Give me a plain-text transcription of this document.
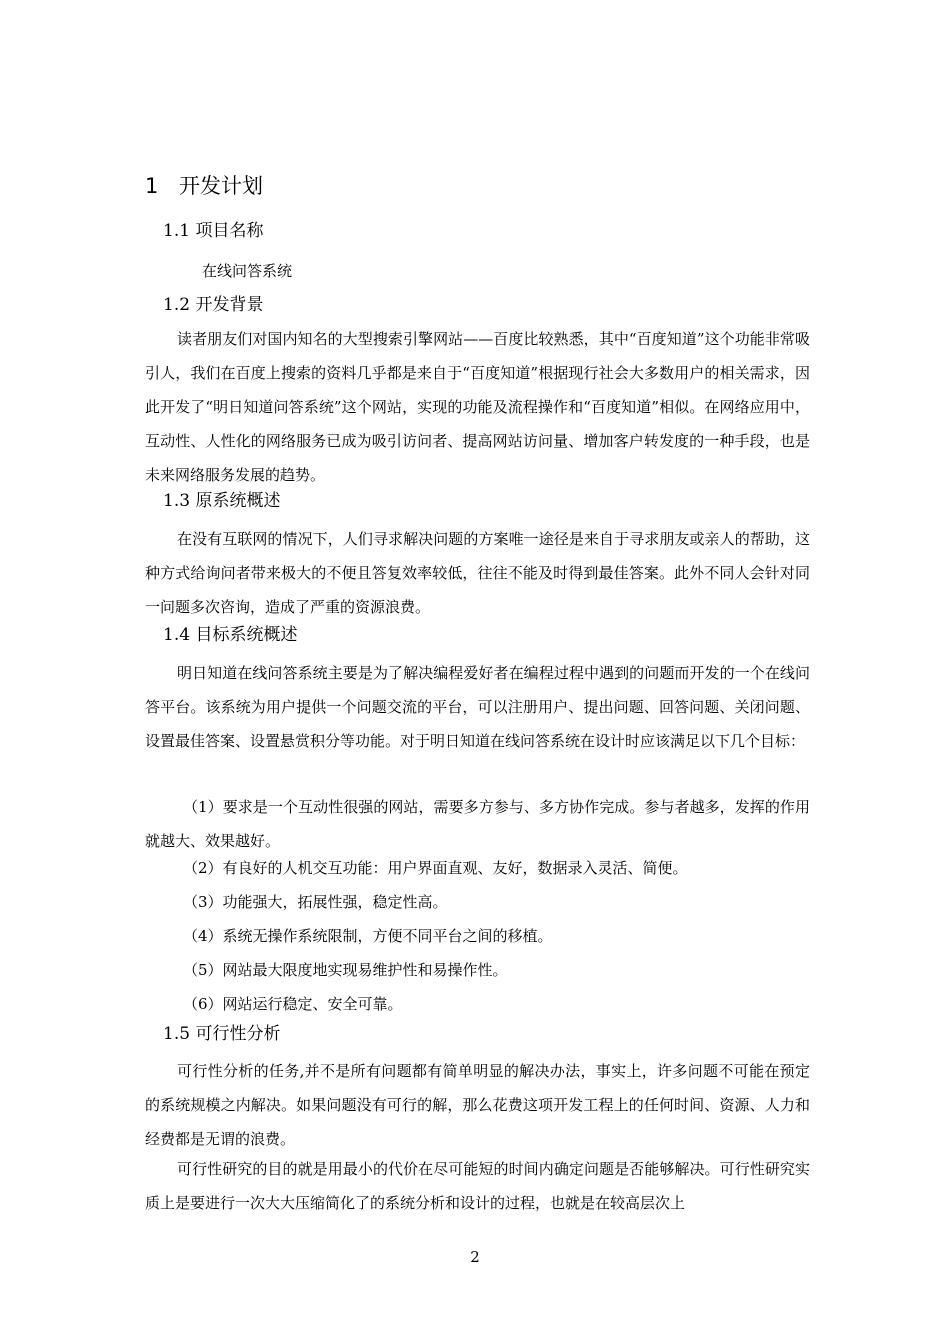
1 开发计划
1.1 项目名称
在线问答系统
1.2 开发背景

读者朋友们对国内知名的大型搜索引擎网站——百度比较熟悉，其中“百度知道”这个功能非常吸引人，我们在百度上搜索的资料几乎都是来自于“百度知道”根据现行社会大多数用户的相关需求，因此开发了“明日知道问答系统”这个网站，实现的功能及流程操作和“百度知道”相似。在网络应用中，互动性、人性化的网络服务已成为吸引访问者、提高网站访问量、增加客户转发度的一种手段，也是未来网络服务发展的趋势。

1.3 原系统概述

在没有互联网的情况下，人们寻求解决问题的方案唯一途径是来自于寻求朋友或亲人的帮助，这种方式给询问者带来极大的不便且答复效率较低，往往不能及时得到最佳答案。此外不同人会针对同一问题多次咨询，造成了严重的资源浪费。

1.4 目标系统概述

明日知道在线问答系统主要是为了解决编程爱好者在编程过程中遇到的问题而开发的一个在线问答平台。该系统为用户提供一个问题交流的平台，可以注册用户、提出问题、回答问题、关闭问题、设置最佳答案、设置悬赏积分等功能。对于明日知道在线问答系统在设计时应该满足以下几个目标：

（1）要求是一个互动性很强的网站，需要多方参与、多方协作完成。参与者越多，发挥的作用就越大、效果越好。

（2）有良好的人机交互功能：用户界面直观、友好，数据录入灵活、简便。

（3）功能强大，拓展性强，稳定性高。

（4）系统无操作系统限制，方便不同平台之间的移植。

（5）网站最大限度地实现易维护性和易操作性。

（6）网站运行稳定、安全可靠。

1.5 可行性分析

可行性分析的任务,并不是所有问题都有简单明显的解决办法，事实上，许多问题不可能在预定的系统规模之内解决。如果问题没有可行的解，那么花费这项开发工程上的任何时间、资源、人力和经费都是无谓的浪费。

可行性研究的目的就是用最小的代价在尽可能短的时间内确定问题是否能够解决。可行性研究实质上是要进行一次大大压缩简化了的系统分析和设计的过程，也就是在较高层次上

2
